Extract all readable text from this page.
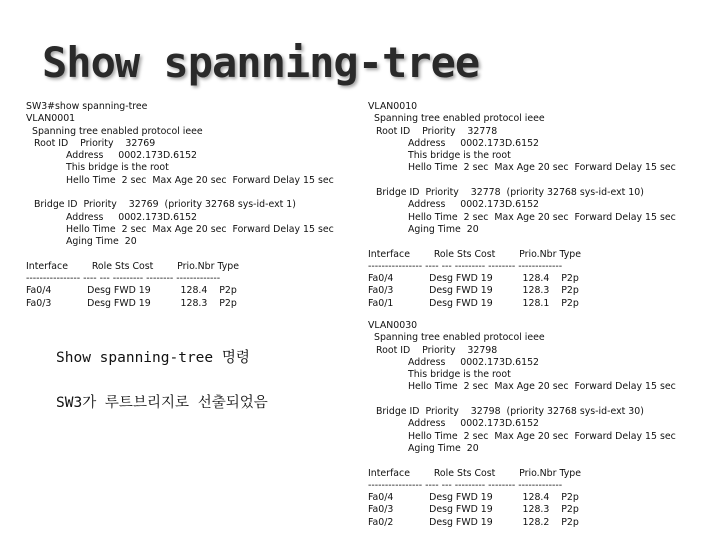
Show spanning-tree
SW3#show spanning-tree
VLAN0001
Spanning tree enabled protocol ieee
Root ID    Priority    32769
Address     0002.173D.6152
This bridge is the root
Hello Time  2 sec  Max Age 20 sec  Forward Delay 15 sec

Bridge ID  Priority    32769  (priority 32768 sys-id-ext 1)
Address     0002.173D.6152
Hello Time  2 sec  Max Age 20 sec  Forward Delay 15 sec
Aging Time  20

Interface        Role Sts Cost        Prio.Nbr Type
---------------- ---- --- --------- -------- -------------
Fa0/4            Desg FWD 19          128.4    P2p
Fa0/3            Desg FWD 19          128.3    P2p

Show spanning-tree 명령

SW3가 루트브리지로 선출되었음

VLAN0010
Spanning tree enabled protocol ieee
Root ID    Priority    32778
Address     0002.173D.6152
This bridge is the root
Hello Time  2 sec  Max Age 20 sec  Forward Delay 15 sec

Bridge ID  Priority    32778  (priority 32768 sys-id-ext 10)
Address     0002.173D.6152
Hello Time  2 sec  Max Age 20 sec  Forward Delay 15 sec
Aging Time  20

Interface        Role Sts Cost        Prio.Nbr Type
---------------- ---- --- --------- -------- -------------
Fa0/4            Desg FWD 19          128.4    P2p
Fa0/3            Desg FWD 19          128.3    P2p
Fa0/1            Desg FWD 19          128.1    P2p
VLAN0030
Spanning tree enabled protocol ieee
Root ID    Priority    32798
Address     0002.173D.6152
This bridge is the root
Hello Time  2 sec  Max Age 20 sec  Forward Delay 15 sec

Bridge ID  Priority    32798  (priority 32768 sys-id-ext 30)
Address     0002.173D.6152
Hello Time  2 sec  Max Age 20 sec  Forward Delay 15 sec
Aging Time  20

Interface        Role Sts Cost        Prio.Nbr Type
---------------- ---- --- --------- -------- -------------
Fa0/4            Desg FWD 19          128.4    P2p
Fa0/3            Desg FWD 19          128.3    P2p
Fa0/2            Desg FWD 19          128.2    P2p
